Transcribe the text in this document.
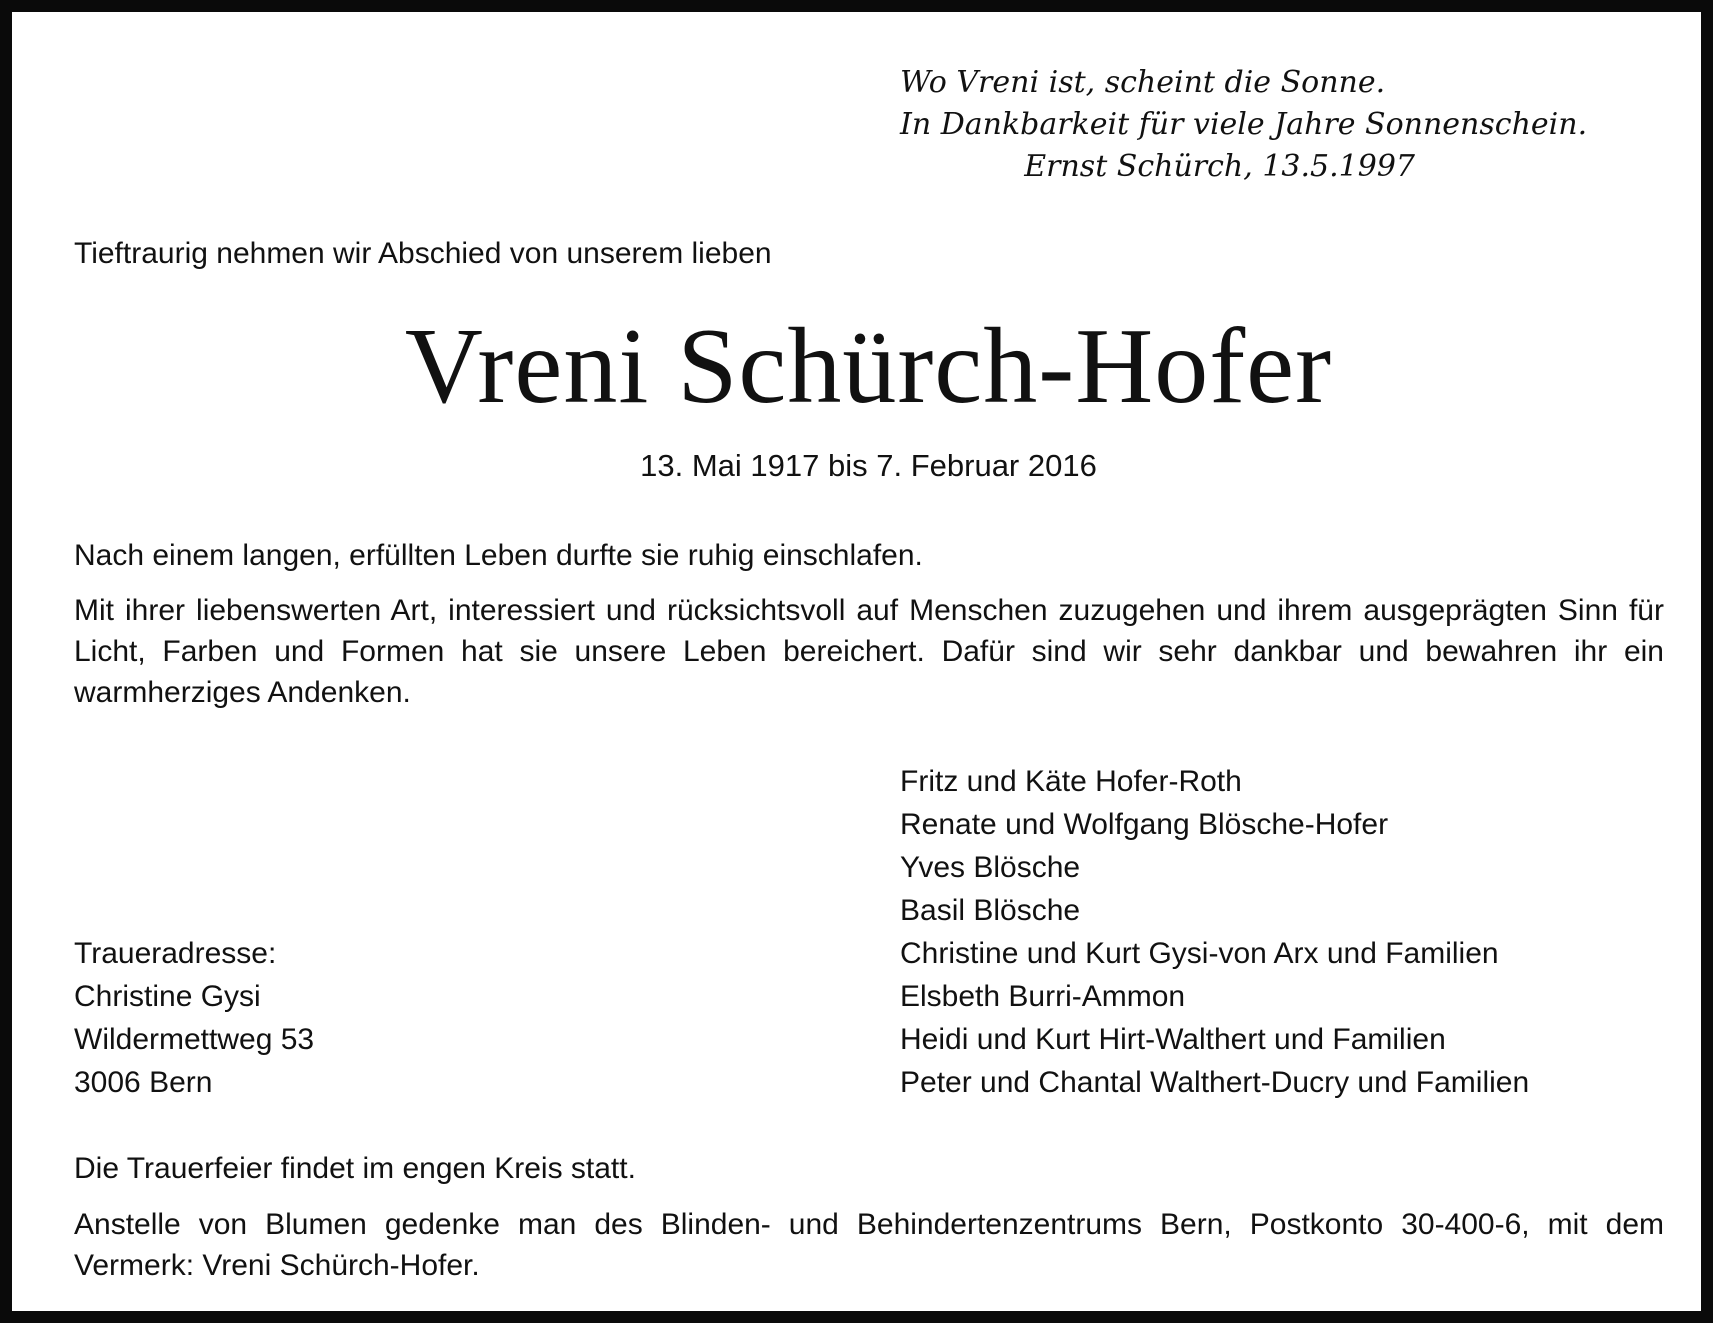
Wo Vreni ist, scheint die Sonne.
In Dankbarkeit für viele Jahre Sonnenschein.
Ernst Schürch, 13.5.1997
Tieftraurig nehmen wir Abschied von unserem lieben
Vreni Schürch-Hofer
13. Mai 1917 bis 7. Februar 2016
Nach einem langen, erfüllten Leben durfte sie ruhig einschlafen.
Mit ihrer liebenswerten Art, interessiert und rücksichtsvoll auf Menschen zuzugehen und ihrem ausgeprägten Sinn für Licht, Farben und Formen hat sie unsere Leben bereichert. Dafür sind wir sehr dankbar und bewahren ihr ein warmherziges Andenken.
Fritz und Käte Hofer-Roth
Renate und Wolfgang Blösche-Hofer
Yves Blösche
Basil Blösche
Christine und Kurt Gysi-von Arx und Familien
Elsbeth Burri-Ammon
Heidi und Kurt Hirt-Walthert und Familien
Peter und Chantal Walthert-Ducry und Familien
Traueradresse:
Christine Gysi
Wildermettweg 53
3006 Bern
Die Trauerfeier findet im engen Kreis statt.
Anstelle von Blumen gedenke man des Blinden- und Behindertenzentrums Bern, Postkonto 30-400-6, mit dem Vermerk: Vreni Schürch-Hofer.
